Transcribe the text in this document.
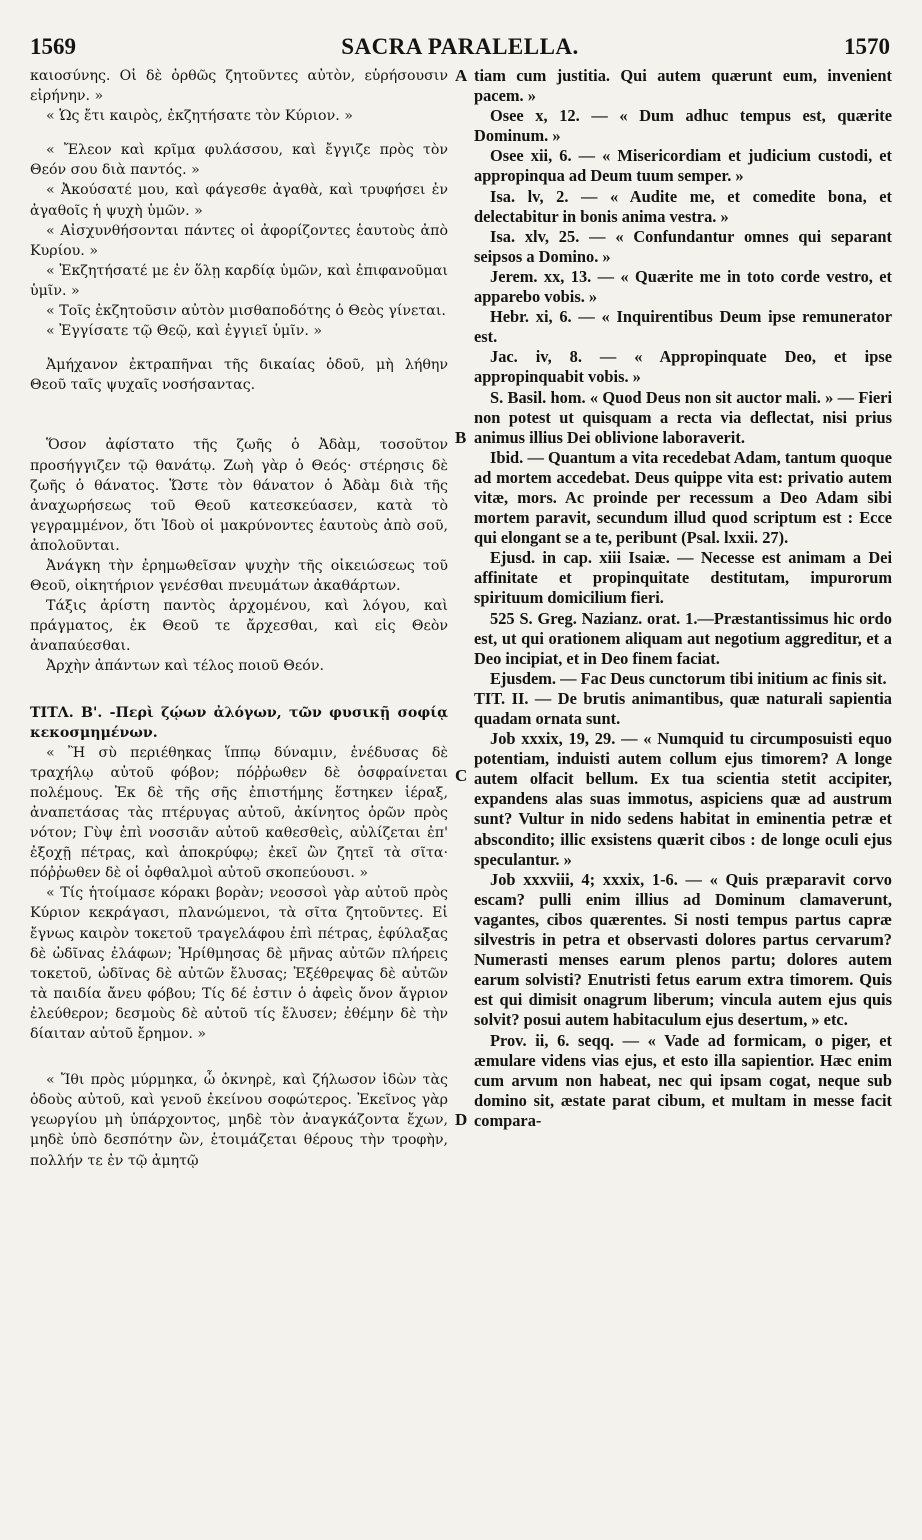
1569	SACRA PARALELLA.	1570

καιοσύνης. Οἱ δὲ ὀρθῶς ζητοῦντες αὐτὸν, εὑρήσουσιν εἰρήνην. »

« Ὡς ἔτι καιρὸς, ἐκζητήσατε τὸν Κύριον. »

« Ἔλεον καὶ κρῖμα φυλάσσου, καὶ ἔγγιζε πρὸς τὸν Θεόν σου διὰ παντός. »

« Ἀκούσατέ μου, καὶ φάγεσθε ἀγαθὰ, καὶ τρυφήσει ἐν ἀγαθοῖς ἡ ψυχὴ ὑμῶν. »

« Αἰσχυνθήσονται πάντες οἱ ἀφορίζοντες ἑαυτοὺς ἀπὸ Κυρίου. »

« Ἐκζητήσατέ με ἐν ὅλῃ καρδίᾳ ὑμῶν, καὶ ἐπιφανοῦμαι ὑμῖν. »

« Τοῖς ἐκζητοῦσιν αὐτὸν μισθαποδότης ὁ Θεὸς γίνεται.

« Ἐγγίσατε τῷ Θεῷ, καὶ ἐγγιεῖ ὑμῖν. »

Ἀμήχανον ἐκτραπῆναι τῆς δικαίας ὁδοῦ, μὴ λήθην Θεοῦ ταῖς ψυχαῖς νοσήσαντας.

Ὅσον ἀφίστατο τῆς ζωῆς ὁ Ἀδὰμ, τοσοῦτον προσήγγιζεν τῷ θανάτῳ. Ζωὴ γὰρ ὁ Θεός· στέρησις δὲ ζωῆς ὁ θάνατος. Ὥστε τὸν θάνατον ὁ Ἀδὰμ διὰ τῆς ἀναχωρήσεως τοῦ Θεοῦ κατεσκεύασεν, κατὰ τὸ γεγραμμένον, ὅτι Ἰδοὺ οἱ μακρύνοντες ἑαυτοὺς ἀπὸ σοῦ, ἀπολοῦνται.

Ἀνάγκη τὴν ἐρημωθεῖσαν ψυχὴν τῆς οἰκειώσεως τοῦ Θεοῦ, οἰκητήριον γενέσθαι πνευμάτων ἀκαθάρτων.

Τάξις ἀρίστη παντὸς ἀρχομένου, καὶ λόγου, καὶ πράγματος, ἐκ Θεοῦ τε ἄρχεσθαι, καὶ εἰς Θεὸν ἀναπαύεσθαι.

Ἀρχὴν ἁπάντων καὶ τέλος ποιοῦ Θεόν.

ΤΙΤΛ. Β'. -Περὶ ζῴων ἀλόγων, τῶν φυσικῇ σοφίᾳ κεκοσμημένων.

« Ἢ σὺ περιέθηκας ἵππῳ δύναμιν, ἐνέδυσας δὲ τραχήλῳ αὐτοῦ φόβον; πόῤῥωθεν δὲ ὀσφραίνεται πολέμους. Ἐκ δὲ τῆς σῆς ἐπιστήμης ἕστηκεν ἱέραξ, ἀναπετάσας τὰς πτέρυγας αὐτοῦ, ἀκίνητος ὁρῶν πρὸς νότον; Γὺψ ἐπὶ νοσσιᾶν αὐτοῦ καθεσθεὶς, αὐλίζεται ἐπ' ἐξοχῇ πέτρας, καὶ ἀποκρύφῳ; ἐκεῖ ὢν ζητεῖ τὰ σῖτα· πόῤῥωθεν δὲ οἱ ὀφθαλμοὶ αὐτοῦ σκοπεύουσι. »

« Τίς ἡτοίμασε κόρακι βορὰν; νεοσσοὶ γὰρ αὐτοῦ πρὸς Κύριον κεκράγασι, πλανώμενοι, τὰ σῖτα ζητοῦντες. Εἰ ἔγνως καιρὸν τοκετοῦ τραγελάφου ἐπὶ πέτρας, ἐφύλαξας δὲ ὠδῖνας ἐλάφων; Ἠρίθμησας δὲ μῆνας αὐτῶν πλήρεις τοκετοῦ, ὠδῖνας δὲ αὐτῶν ἔλυσας; Ἐξέθρεψας δὲ αὐτῶν τὰ παιδία ἄνευ φόβου; Τίς δέ ἐστιν ὁ ἀφεὶς ὄνον ἄγριον ἐλεύθερον; δεσμοὺς δὲ αὐτοῦ τίς ἔλυσεν; ἐθέμην δὲ τὴν δίαιταν αὐτοῦ ἔρημον. »

« Ἴθι πρὸς μύρμηκα, ὦ ὀκνηρὲ, καὶ ζήλωσον ἰδὼν τὰς ὁδοὺς αὐτοῦ, καὶ γενοῦ ἐκείνου σοφώτερος. Ἐκεῖνος γὰρ γεωργίου μὴ ὑπάρχοντος, μηδὲ τὸν ἀναγκάζοντα ἔχων, μηδὲ ὑπὸ δεσπότην ὢν, ἑτοιμάζεται θέρους τὴν τροφὴν, πολλήν τε ἐν τῷ ἀμητῷ

tiam cum justitia. Qui autem quærunt eum, invenient pacem. »

Osee x, 12. — « Dum adhuc tempus est, quærite Dominum. »

Osee xii, 6. — « Misericordiam et judicium custodi, et appropinqua ad Deum tuum semper. »

Isa. lv, 2. — « Audite me, et comedite bona, et delectabitur in bonis anima vestra. »

Isa. xlv, 25. — « Confundantur omnes qui separant seipsos a Domino. »

Jerem. xx, 13. — « Quærite me in toto corde vestro, et apparebo vobis. »

Hebr. xi, 6. — « Inquirentibus Deum ipse remunerator est.

Jac. iv, 8. — « Appropinquate Deo, et ipse appropinquabit vobis. »

S. Basil. hom. « Quod Deus non sit auctor mali. » — Fieri non potest ut quisquam a recta via deflectat, nisi prius animus illius Dei oblivione laboraverit.

Ibid. — Quantum a vita recedebat Adam, tantum quoque ad mortem accedebat. Deus quippe vita est: privatio autem vitæ, mors. Ac proinde per recessum a Deo Adam sibi mortem paravit, secundum illud quod scriptum est : Ecce qui elongant se a te, peribunt (Psal. lxxii. 27).

Ejusd. in cap. xiii Isaiæ. — Necesse est animam a Dei affinitate et propinquitate destitutam, impurorum spirituum domicilium fieri.

525 S. Greg. Nazianz. orat. 1.—Præstantissimus hic ordo est, ut qui orationem aliquam aut negotium aggreditur, et a Deo incipiat, et in Deo finem faciat.

Ejusdem. — Fac Deus cunctorum tibi initium ac finis sit.

TIT. II. — De brutis animantibus, quæ naturali sapientia quadam ornata sunt.

Job xxxix, 19, 29. — « Numquid tu circumposuisti equo potentiam, induisti autem collum ejus timorem? A longe autem olfacit bellum. Ex tua scientia stetit accipiter, expandens alas suas immotus, aspiciens quæ ad austrum sunt? Vultur in nido sedens habitat in eminentia petræ et abscondito; illic exsistens quærit cibos : de longe oculi ejus speculantur. »

Job xxxviii, 4; xxxix, 1-6. — « Quis præparavit corvo escam? pulli enim illius ad Dominum clamaverunt, vagantes, cibos quærentes. Si nosti tempus partus capræ silvestris in petra et observasti dolores partus cervarum? Numerasti menses earum plenos partu; dolores autem earum solvisti? Enutristi fetus earum extra timorem. Quis est qui dimisit onagrum liberum; vincula autem ejus quis solvit? posui autem habitaculum ejus desertum, » etc.

Prov. ii, 6. seqq. — « Vade ad formicam, o piger, et æmulare videns vias ejus, et esto illa sapientior. Hæc enim cum arvum non habeat, nec qui ipsam cogat, neque sub domino sit, æstate parat cibum, et multam in messe facit compara-

A
B
C
D
